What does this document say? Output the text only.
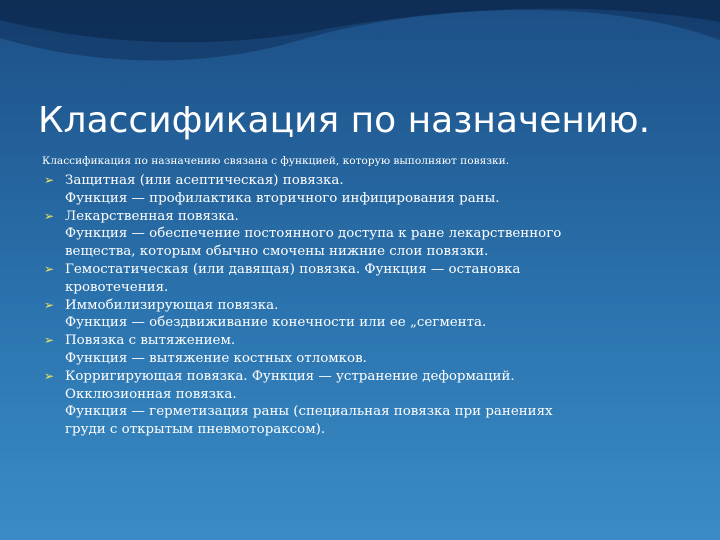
Классификация по назначению.
Классификация по назначению связана с функцией, которую выполняют повязки.
➢ Защитная (или асептическая) повязка.
Функция — профилактика вторичного инфицирования раны.
➢ Лекарственная повязка.
Функция — обеспечение постоянного доступа к ране лекарственного
вещества, которым обычно смочены нижние слои повязки.
➢ Гемостатическая (или давящая) повязка. Функция — остановка
кровотечения.
➢ Иммобилизирующая повязка.
Функция — обездвиживание конечности или ее „сегмента.
➢ Повязка с вытяжением.
Функция — вытяжение костных отломков.
➢ Корригирующая повязка. Функция — устранение деформаций.
Окклюзионная повязка.
Функция — герметизация раны (специальная повязка при ранениях
груди с открытым пневмотораксом).
